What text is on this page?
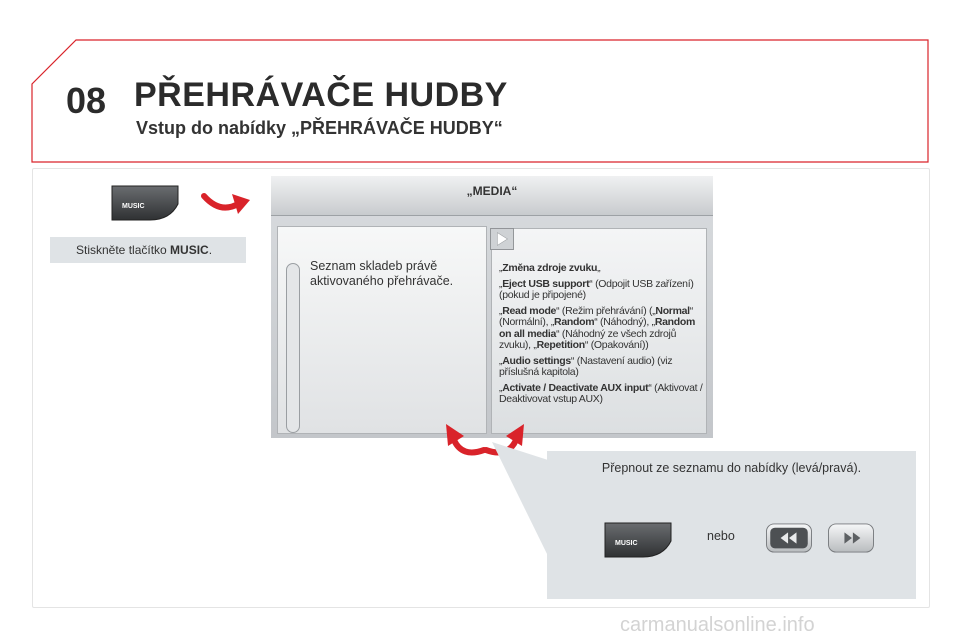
08 PŘEHRÁVAČE HUDBY
Vstup do nabídky „PŘEHRÁVAČE HUDBY“
MUSIC
Stiskněte tlačítko MUSIC.
„MEDIA“
Seznam skladeb právě aktivovaného přehrávače.
„Změna zdroje zvuku„
„Eject USB support“ (Odpojit USB zařízení) (pokud je připojené)
„Read mode“ (Režim přehrávání) („Normal“ (Normální), „Random“ (Náhodný), „Random on all media“ (Náhodný ze všech zdrojů zvuku), „Repetition“ (Opakování))
„Audio settings“ (Nastavení audio) (viz příslušná kapitola)
„Activate / Deactivate AUX input“ (Aktivovat / Deaktivovat vstup AUX)
Přepnout ze seznamu do nabídky (levá/pravá).
MUSIC
nebo
carmanualsonline.info
